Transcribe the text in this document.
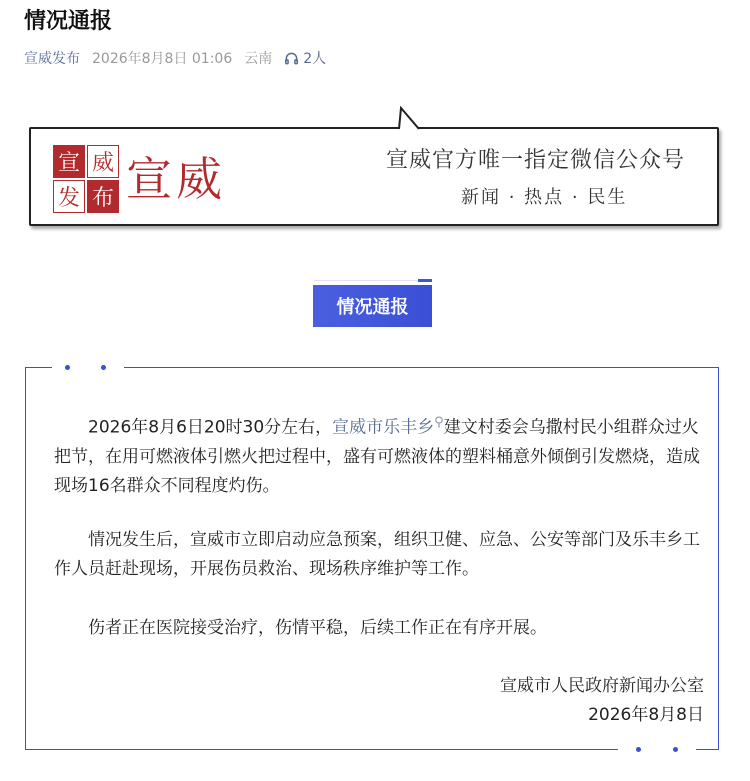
情况通报
宣威发布 2026年8月8日 01:06 云南 2人
宣 威
发 布 宣威	宣威官方唯一指定微信公众号
新闻 · 热点 · 民生
情况通报

2026年8月6日20时30分左右，宣威市乐丰乡⚲建文村委会乌撒村民小组群众过火把节，在用可燃液体引燃火把过程中，盛有可燃液体的塑料桶意外倾倒引发燃烧，造成现场16名群众不同程度灼伤。

情况发生后，宣威市立即启动应急预案，组织卫健、应急、公安等部门及乐丰乡工作人员赶赴现场，开展伤员救治、现场秩序维护等工作。

伤者正在医院接受治疗，伤情平稳，后续工作正在有序开展。

宣威市人民政府新闻办公室
2026年8月8日
